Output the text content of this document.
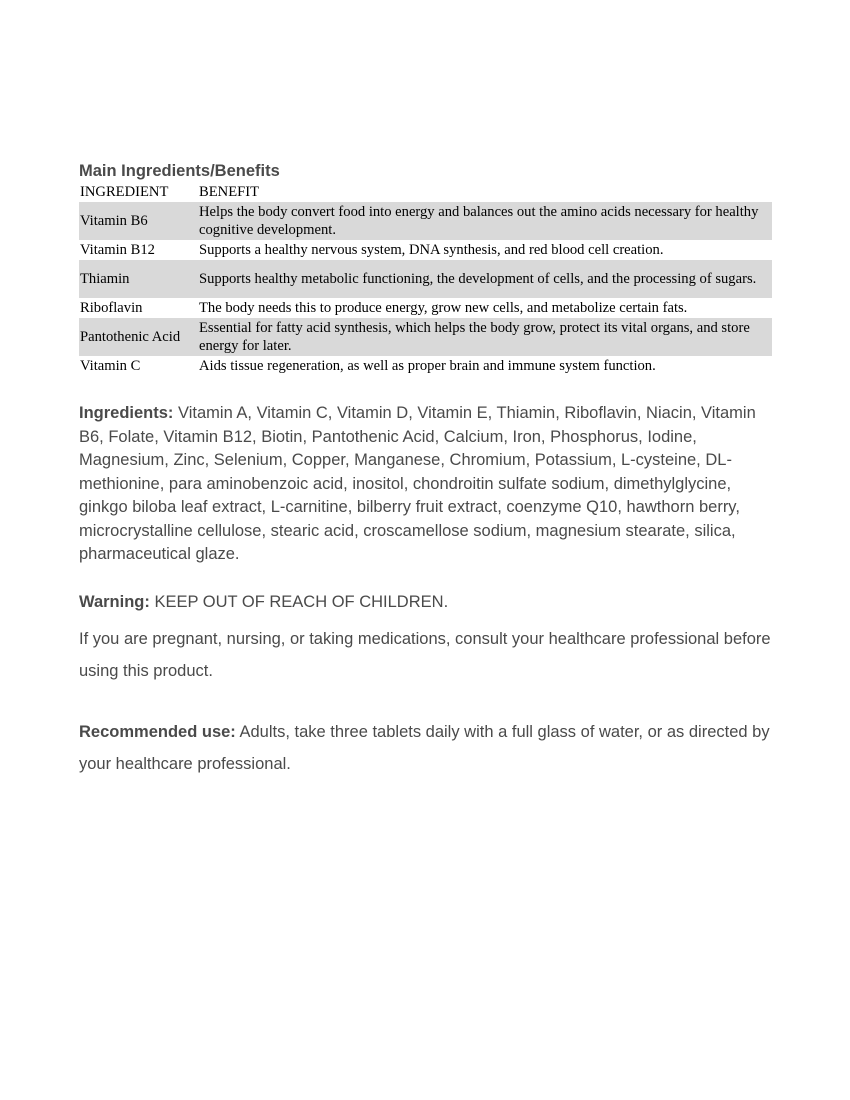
Main Ingredients/Benefits
INGREDIENT	BENEFIT
Vitamin B6	Helps the body convert food into energy and balances out the amino acids necessary for healthy cognitive development.
Vitamin B12	Supports a healthy nervous system, DNA synthesis, and red blood cell creation.
Thiamin	Supports healthy metabolic functioning, the development of cells, and the processing of sugars.
Riboflavin	The body needs this to produce energy, grow new cells, and metabolize certain fats.
Pantothenic Acid	Essential for fatty acid synthesis, which helps the body grow, protect its vital organs, and store energy for later.
Vitamin C	Aids tissue regeneration, as well as proper brain and immune system function.

Ingredients: Vitamin A, Vitamin C, Vitamin D, Vitamin E, Thiamin, Riboflavin, Niacin, Vitamin B6, Folate, Vitamin B12, Biotin, Pantothenic Acid, Calcium, Iron, Phosphorus, Iodine, Magnesium, Zinc, Selenium, Copper, Manganese, Chromium, Potassium, L-cysteine, DL-methionine, para aminobenzoic acid, inositol, chondroitin sulfate sodium, dimethylglycine, ginkgo biloba leaf extract, L-carnitine, bilberry fruit extract, coenzyme Q10, hawthorn berry, microcrystalline cellulose, stearic acid, croscamellose sodium, magnesium stearate, silica, pharmaceutical glaze.

Warning: KEEP OUT OF REACH OF CHILDREN.

If you are pregnant, nursing, or taking medications, consult your healthcare professional before using this product.

Recommended use: Adults, take three tablets daily with a full glass of water, or as directed by your healthcare professional.
